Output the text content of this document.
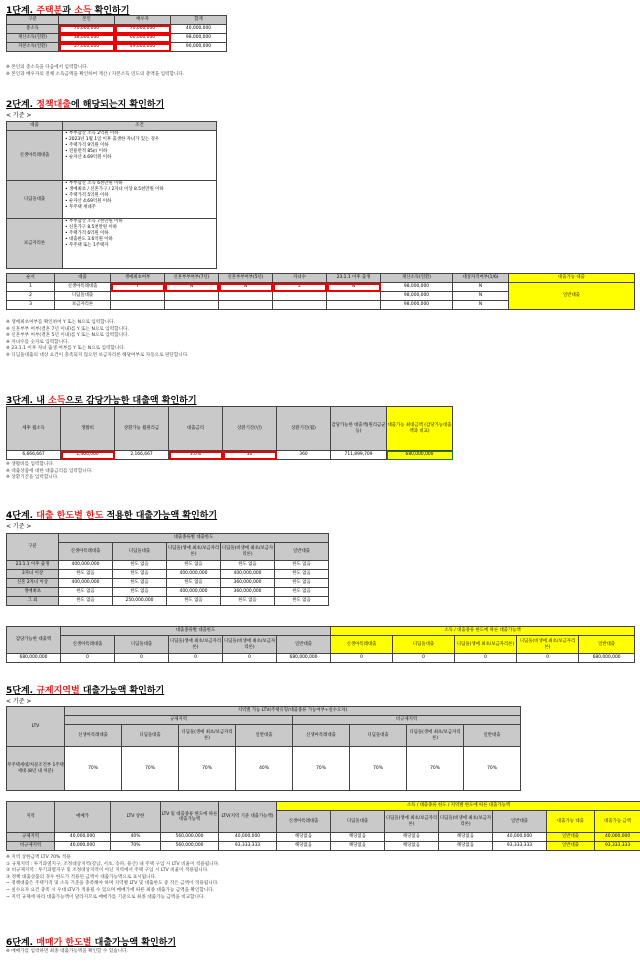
1단계. 주택분과 소득 확인하기
구분	본인	배우자	합계
총소득	70,000,000	70,000,000	40,000,000
재산소득(연환)	38,000,000	60,000,000	98,000,000
자본소득(연환)	57,000,000	49,000,000	90,000,000
※ 본인의 총소득을 다음에서 입력합니다.
※ 본인과 배우자의 전체 소득금액을 확인하여 재산 / 자본소득 연도의 총액을 입력합니다.
2단계. 정책대출에 해당되는지 확인하기
< 기준 >
대출	조건
신생아특례대출	• 부부합산 소득 2억원 이하
• 2023년 1월 1일 이후 출생한 자녀가 있는 경우
• 주택가격 9억원 이하
• 전용면적 85㎡ 이하
• 순자산 4.69억원 이하

디딤돌대출	• 부부합산 소득 6천만원 이하
• 생애최초 / 신혼가구 / 2자녀 이상 8.5천만원 이하
• 주택가격 5억원 이하
• 순자산 4.69억원 이하
• 무주택 세대주

보금자리론	• 부부합산 소득 7천만원 이하
• 신혼가구 8.5천만원 이하
• 주택가격 6억원 이하
• 대출한도 3.6억원 이하
• 무주택 또는 1주택자
순서	대출	생애최초여부	신혼부부여부(7년)	신혼부부여부(5년)	자녀수	23.1.1 이후 출생	재산소득(연환)	대상자격여부(1/6)	대출가능 대출
1	신생아특례대출	Y	N	N	2	N	98,000,000	N	일반대출
2	디딤돌대출						98,000,000	N	
3	보금자리론						98,000,000	N	
※ 생애최초여부를 확인하여 Y 또는 N으로 입력합니다.
※ 신혼부부 여부(결혼 7년 이내)를 Y 또는 N으로 입력합니다.
※ 신혼부부 여부(결혼 5년 이내)를 Y 또는 N으로 입력합니다.
※ 자녀수를 숫자로 입력합니다.
※ 23.1.1 이후 자녀 출생 여부를 Y 또는 N으로 입력합니다.
※ 디딤돌대출의 대상 요건이 충족되지 않으면 보금자리론 해당여부로 자동으로 판단합니다.
3단계. 내 소득으로 감당가능한 대출액 확인하기
세후 월소득	생활비	상환가능 월원리금	대출금리	상환기간(년)	상환기간(월)	감당가능한 대출액(원리금균등)	대출가능 최대금액 (감당가능대출액과 비교)
6,666,667	2,400,000	2,166,667	3.0%	30	360	711,899,709	680,000,000
※ 생활비를 입력합니다.
※ 대출상품에 대한 대출금리를 입력합니다.
※ 상환기간을 입력합니다.
4단계. 대출 한도별 한도 적용한 대출가능액 확인하기
< 기준 >
구분	대출종류별 대출한도				
	신생아특례대출	디딤돌대출	디딤돌(생애 최초/보금자리론)	디딤돌(비생애 최초/보금자리론)	일반대출
23.1.1 이후 출생	400,000,000	한도 없음	한도 없음	한도 없음	한도 없음
3자녀 이상	한도 없음	한도 없음	400,000,000	400,000,000	한도 없음
신혼 2자녀 이상	400,000,000	한도 없음	한도 없음	360,000,000	한도 없음
생애최초	한도 없음	한도 없음	400,000,000	360,000,000	한도 없음
그 외	한도 없음	250,000,000	한도 없음	한도 없음	한도 없음
감당가능한 대출액	대출종류별 대출한도					소득 / 대출종류 한도에 따른 대출가능액				
	신생아특례대출	디딤돌대출	디딤돌(생애 최초/보금자리론)	디딤돌(비생애 최초/보금자리론)	일반대출	신생아특례대출	디딤돌대출	디딤돌(생애 최초/보금자리론)	디딤돌(비생애 최초/보금자리론)	일반대출
680,000,000	0	0	0	0	680,000,000	0	0	0	0	680,000,000
5단계. 규제지역별 대출가능액 확인하기
< 기준 >
LTV	지역별 가능 LTV(주택유형/대출종류 가능여부+실수요자)							
	규제지역				비규제지역			
	신생아특례대출	디딤돌대출	디딤돌(생애 최초/보금자리론)	일반대출	신생아특례대출	디딤돌대출	디딤돌(생애 최초/보금자리론)	일반대출
무주택세대/처분조건부 1주택세대 (8년 내 처분)	70%	70%	70%	40%	70%	70%	70%	70%
지역	매매가	LTV 상한	LTV 및 대출종류 한도에 따른 대출가능액	LTV(지역 기준 대출가능액)	소득 / 대출종류 한도 / 지역별 한도에 따른 대출가능액						
					신생아특례대출	디딤돌대출	디딤돌(생애 최초/보금자리론)	디딤돌(비생애 최초/보금자리론)	일반대출	대출가능 대출	대출가능 금액
규제지역	40,000,000	40%	560,000,000	40,000,000	해당없음	해당없음	해당없음	해당없음	40,000,000	일반대출	40,000,000
비규제지역	40,000,000	70%	560,000,000	93,333,333	해당없음	해당없음	해당없음	해당없음	93,333,333	일반대출	93,333,333
※ 지역 상한금액 LTV 70% 적용
① 규제지역 : 투기과열지구, 조정대상지역(강남, 서초, 송파, 용산) 내 주택 구입 시 LTV 비율이 적용됩니다.
② 비규제지역 : 투기과열지구 및 조정대상지역이 아닌 지역에서 주택 구입 시 LTV 비율이 적용됩니다.
③ 정책 대출상품의 경우 한도가 적용된 금액이 대출가능액으로 표시됩니다.
~ 정책대출은 주택가격 및 소득 기준을 충족해야 하며 지역별 LTV 및 대출한도 중 작은 금액이 적용됩니다.
~ 실수요자 요건 충족 시 우대 LTV가 적용될 수 있으며 매매가에 따른 최종 대출가능 금액을 확인합니다.
~ 지역 규제에 따라 대출가능액이 달라지므로 매매가를 기준으로 최종 대출가능 금액을 비교합니다.
6단계. 매매가 한도별 대출가능액 확인하기
※ 매매가를 입력하면 최종 대출가능액을 확인할 수 있습니다.
